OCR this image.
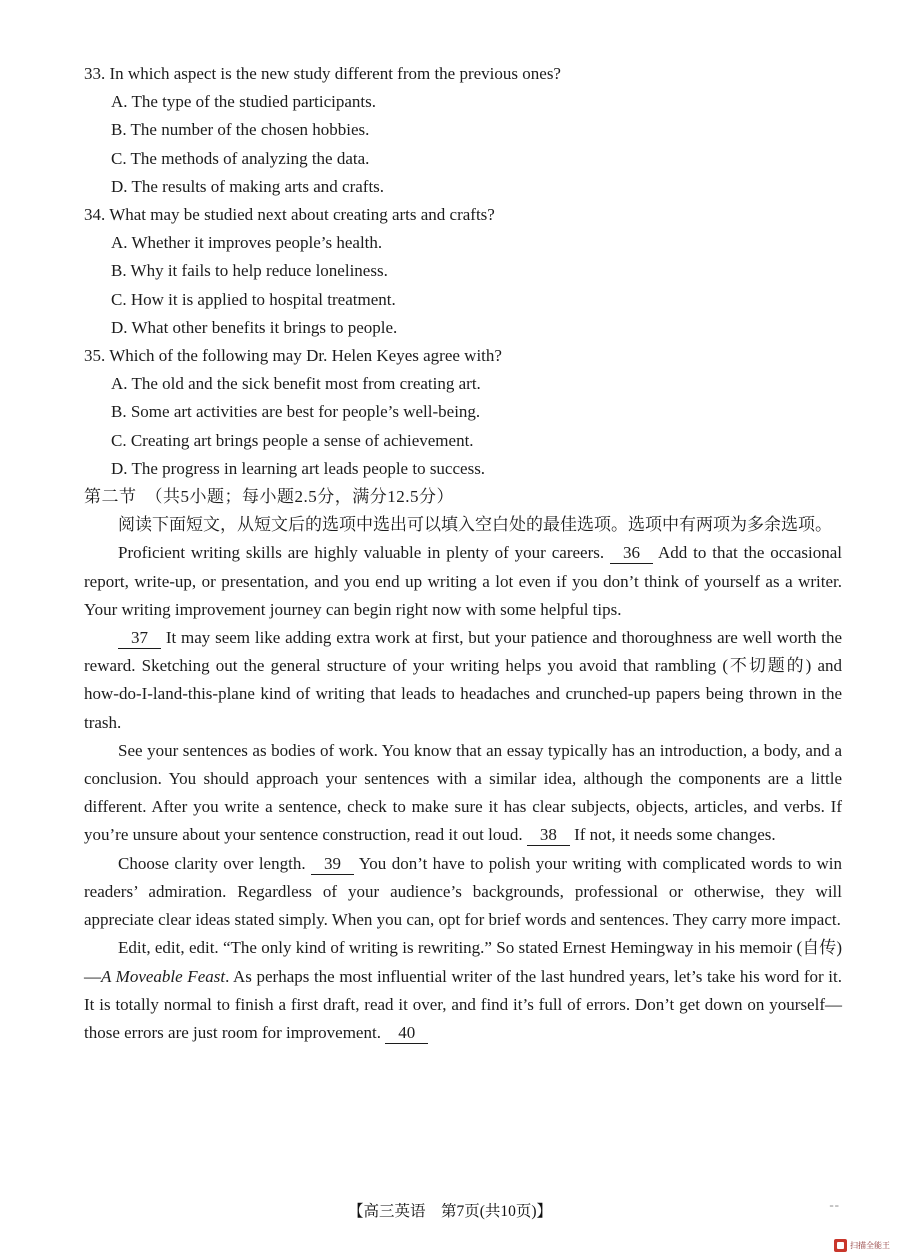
33. In which aspect is the new study different from the previous ones?
A. The type of the studied participants.
B. The number of the chosen hobbies.
C. The methods of analyzing the data.
D. The results of making arts and crafts.
34. What may be studied next about creating arts and crafts?
A. Whether it improves people’s health.
B. Why it fails to help reduce loneliness.
C. How it is applied to hospital treatment.
D. What other benefits it brings to people.
35. Which of the following may Dr. Helen Keyes agree with?
A. The old and the sick benefit most from creating art.
B. Some art activities are best for people’s well-being.
C. Creating art brings people a sense of achievement.
D. The progress in learning art leads people to success.
第二节　（共5小题；每小题2.5分，满分12.5分）

阅读下面短文，从短文后的选项中选出可以填入空白处的最佳选项。选项中有两项为多余选项。

Proficient writing skills are highly valuable in plenty of your careers. 36 Add to that the occasional report, write-up, or presentation, and you end up writing a lot even if you don’t think of yourself as a writer. Your writing improvement journey can begin right now with some helpful tips.

37 It may seem like adding extra work at first, but your patience and thoroughness are well worth the reward. Sketching out the general structure of your writing helps you avoid that rambling (不切题的) and how-do-I-land-this-plane kind of writing that leads to headaches and crunched-up papers being thrown in the trash.

See your sentences as bodies of work. You know that an essay typically has an introduction, a body, and a conclusion. You should approach your sentences with a similar idea, although the components are a little different. After you write a sentence, check to make sure it has clear subjects, objects, articles, and verbs. If you’re unsure about your sentence construction, read it out loud. 38 If not, it needs some changes.

Choose clarity over length. 39 You don’t have to polish your writing with complicated words to win readers’ admiration. Regardless of your audience’s backgrounds, professional or otherwise, they will appreciate clear ideas stated simply. When you can, opt for brief words and sentences. They carry more impact.

Edit, edit, edit. “The only kind of writing is rewriting.” So stated Ernest Hemingway in his memoir (自传)—A Moveable Feast. As perhaps the most influential writer of the last hundred years, let’s take his word for it. It is totally normal to finish a first draft, read it over, and find it’s full of errors. Don’t get down on yourself—those errors are just room for improvement. 40

【高三英语　第7页(共10页)】	--
扫描全能王
